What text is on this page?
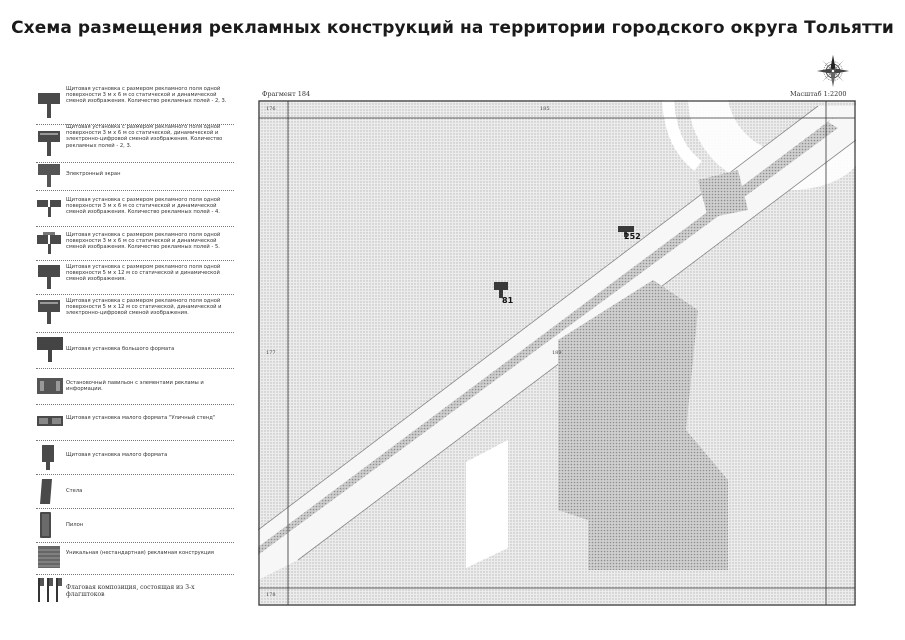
Схема размещения рекламных конструкций на территории городского округа Тольятти
Щитовая установка с размером рекламного поля одной поверхности 3 м х 6 м со статической и динамической сменой изображения. Количество рекламных полей - 2, 3.
Щитовая установка с размером рекламного поля одной поверхности 3 м х 6 м со статической, динамической и электронно-цифровой сменой изображения. Количество рекламных полей - 2, 3.
Электронный экран
Щитовая установка с размером рекламного поля одной поверхности 3 м х 6 м со статической и динамической сменой изображения. Количество рекламных полей - 4.
Щитовая установка с размером рекламного поля одной поверхности 3 м х 6 м со статической и динамической сменой изображения. Количество рекламных полей - 5.
Щитовая установка с размером рекламного поля одной поверхности 5 м х 12 м со статической и динамической сменой изображения.
Щитовая установка с размером рекламного поля одной поверхности 5 м х 12 м со статической, динамической и электронно-цифровой сменой изображения.
Щитовая установка большого формата
Остановочный павильон с элементами рекламы и информации.
Щитовая установка малого формата "Уличный стенд"
Щитовая установка малого формата
Стела
Пилон
Уникальная (нестандартная) рекламная конструкция
Флаговая композиция, состоящая из 3-х флагштоков
Фрагмент 184	Масштаб 1:2200
176	185
177	189
178
81
252
